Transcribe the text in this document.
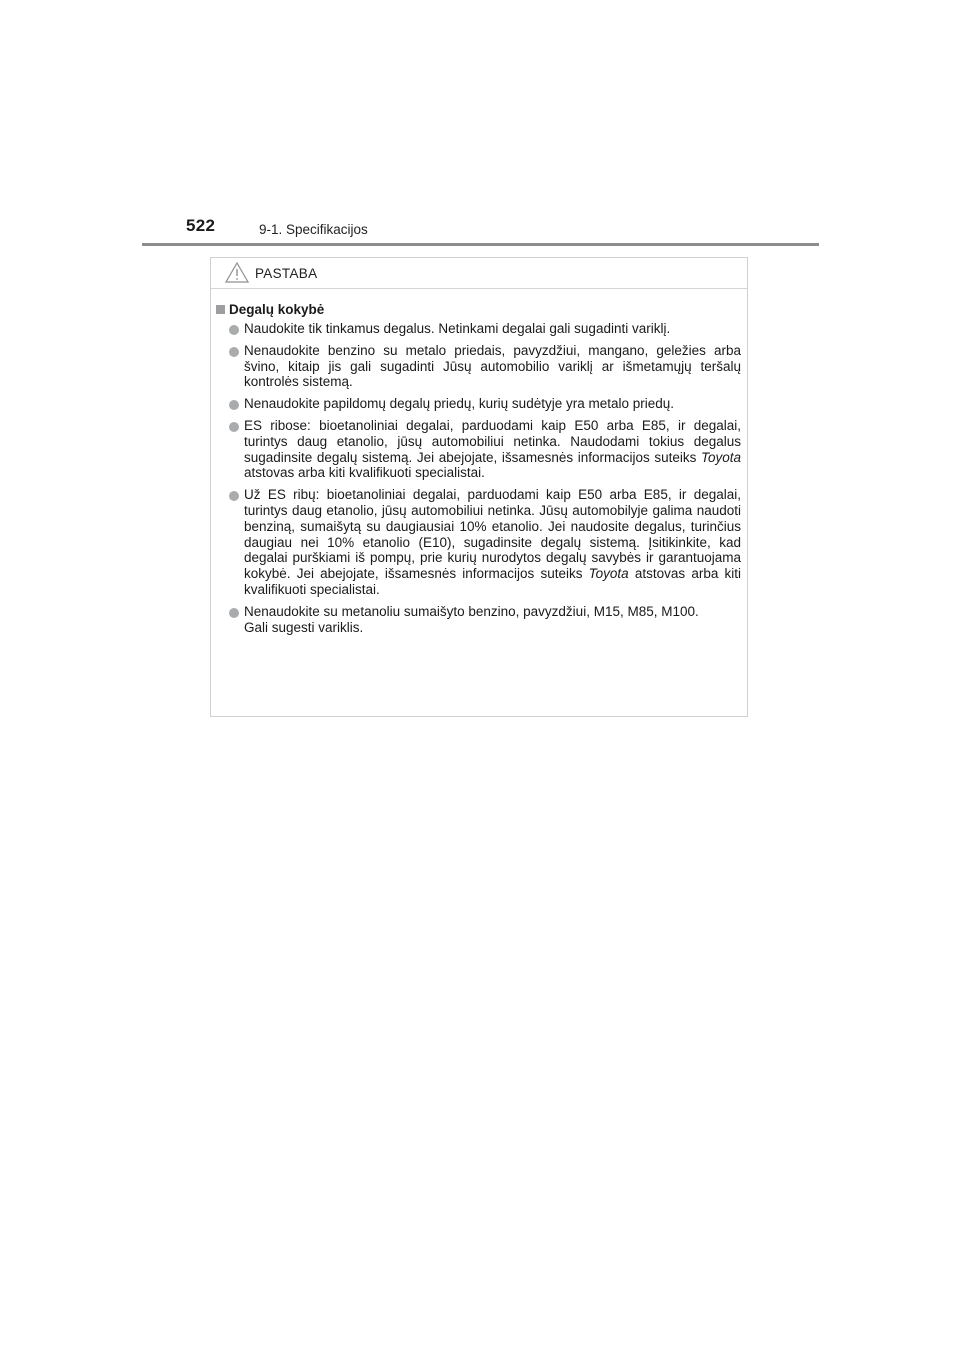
522	9-1. Specifikacijos
PASTABA
Degalų kokybė
Naudokite tik tinkamus degalus. Netinkami degalai gali sugadinti variklį.
Nenaudokite benzino su metalo priedais, pavyzdžiui, mangano, geležies arba švino, kitaip jis gali sugadinti Jūsų automobilio variklį ar išmetamųjų teršalų kontrolės sistemą.
Nenaudokite papildomų degalų priedų, kurių sudėtyje yra metalo priedų.
ES ribose: bioetanoliniai degalai, parduodami kaip E50 arba E85, ir degalai, turintys daug etanolio, jūsų automobiliui netinka. Naudodami tokius degalus sugadinsite degalų sistemą. Jei abejojate, išsamesnės informacijos suteiks Toyota atstovas arba kiti kvalifikuoti specialistai.
Už ES ribų: bioetanoliniai degalai, parduodami kaip E50 arba E85, ir degalai, turintys daug etanolio, jūsų automobiliui netinka. Jūsų automobilyje galima naudoti benziną, sumaišytą su daugiausiai 10% etanolio. Jei naudosite degalus, turinčius daugiau nei 10% etanolio (E10), sugadinsite degalų sistemą. Įsitikinkite, kad degalai purškiami iš pompų, prie kurių nurodytos degalų savybės ir garantuojama kokybė. Jei abejojate, išsamesnės informacijos suteiks Toyota atstovas arba kiti kvalifikuoti specialistai.
Nenaudokite su metanoliu sumaišyto benzino, pavyzdžiui, M15, M85, M100.
Gali sugesti variklis.
